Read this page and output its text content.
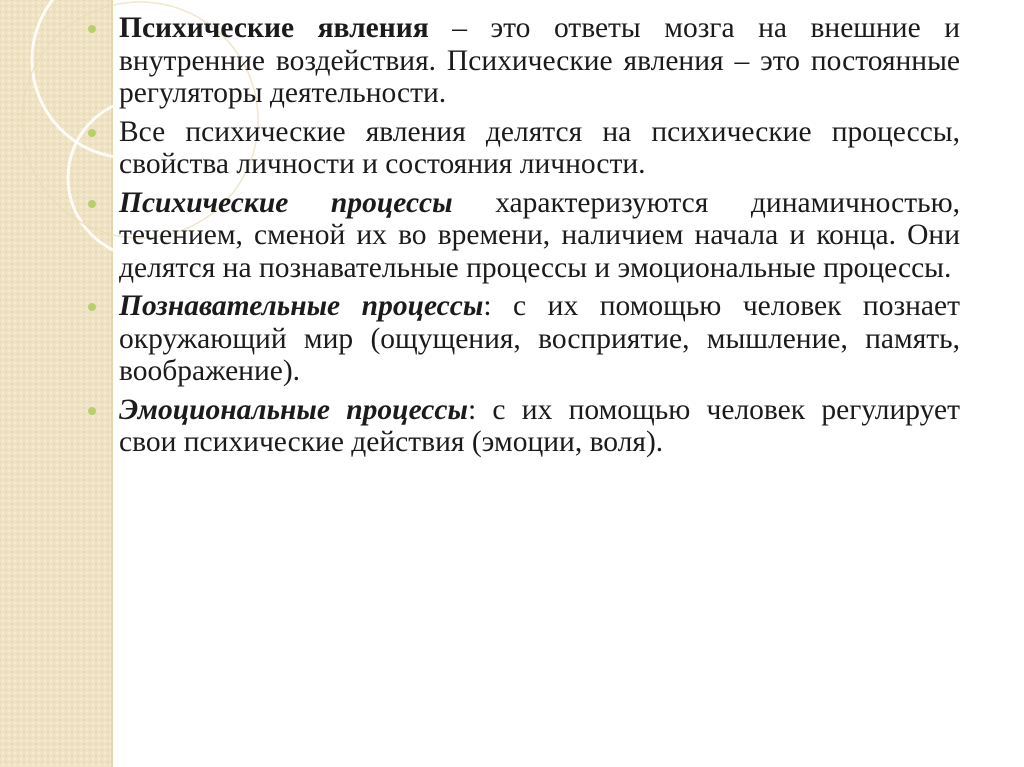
Психические явления – это ответы мозга на внешние и внутренние воздействия. Психические явления – это постоянные регуляторы деятельности.
Все психические явления делятся на психические процессы, свойства личности и состояния личности.
Психические процессы характеризуются динамичностью, течением, сменой их во времени, наличием начала и конца. Они делятся на познавательные процессы и эмоциональные процессы.
Познавательные процессы: с их помощью человек познает окружающий мир (ощущения, восприятие, мышление, память, воображение).
Эмоциональные процессы: с их помощью человек регулирует свои психические действия (эмоции, воля).
